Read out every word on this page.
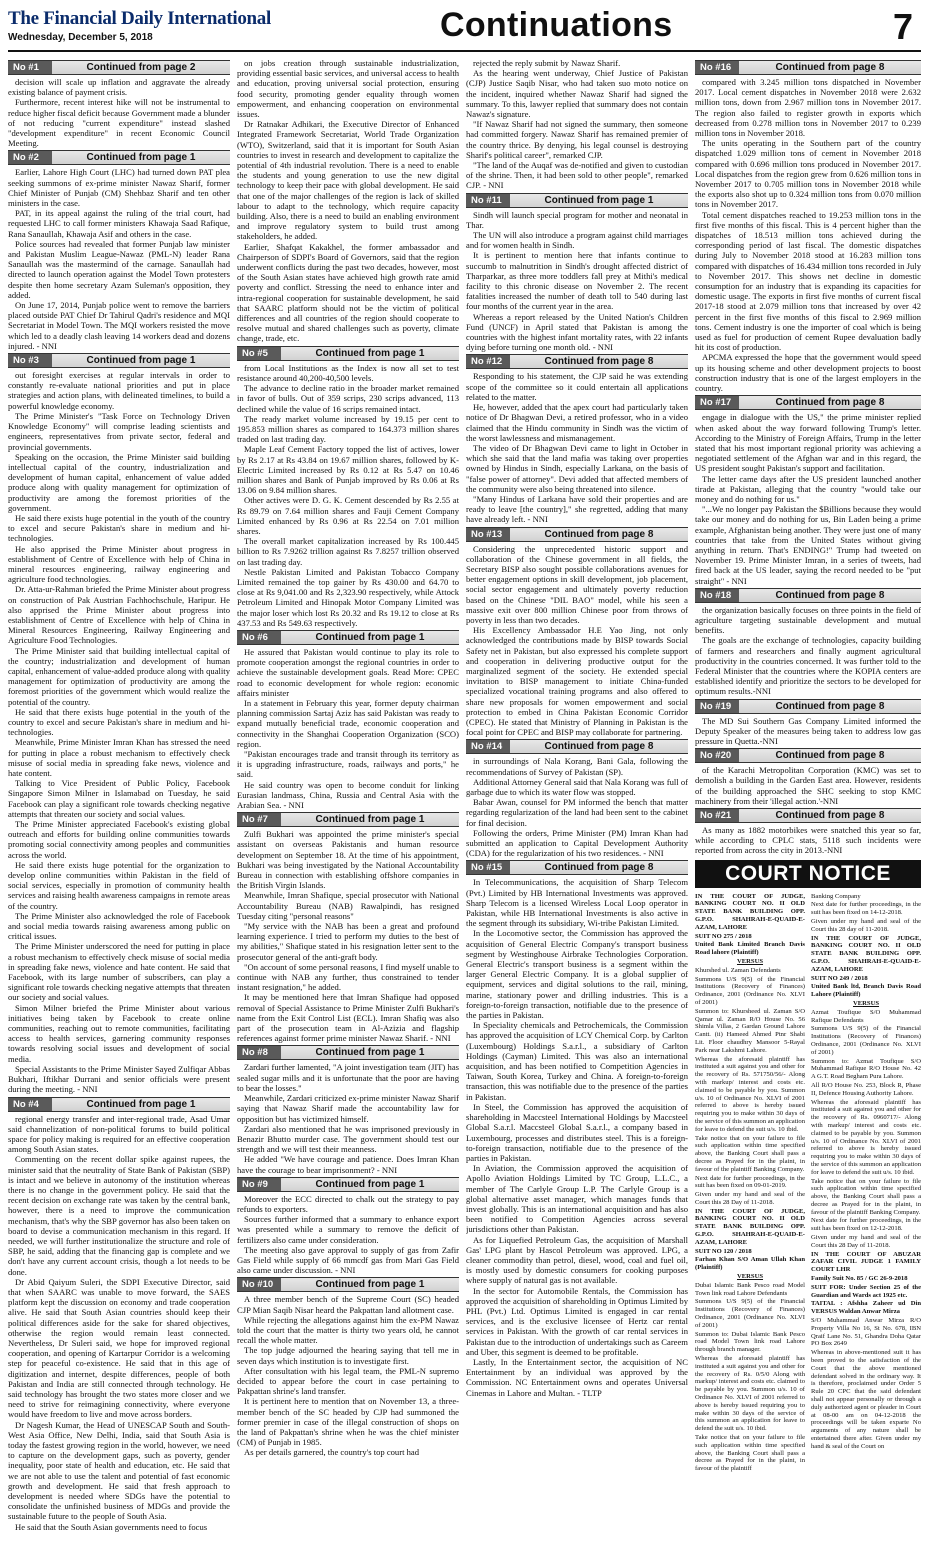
The Financial Daily International
Wednesday, December 5, 2018	Continuations	7
No #1	Continued from page 2

decision will scale up inflation and aggravate the already existing balance of payment crisis.

Furthermore, recent interest hike will not be instrumental to reduce higher fiscal deficit because Government made a blunder of not reducing "current expenditure" instead slashed "development expenditure" in recent Economic Council Meeting.

No #2	Continued from page 1

Earlier, Lahore High Court (LHC) had turned down PAT plea seeking summons of ex-prime minister Nawaz Sharif, former Chief Minister of Punjab (CM) Shehbaz Sharif and ten other ministers in the case.

PAT, in its appeal against the ruling of the trial court, had requested LHC to call former ministers Khawaja Saad Rafique, Rana Sanaullah, Khawaja Asif and others in the case.

Police sources had revealed that former Punjab law minister and Pakistan Muslim League-Nawaz (PML-N) leader Rana Sanaullah was the mastermind of the carnage. Sanaullah had directed to launch operation against the Model Town protesters despite then home secretary Azam Suleman's opposition, they added.

On June 17, 2014, Punjab police went to remove the barriers placed outside PAT Chief Dr Tahirul Qadri's residence and MQI Secretariat in Model Town. The MQI workers resisted the move which led to a deadly clash leaving 14 workers dead and dozens injured. - NNI

No #3	Continued from page 1

out foresight exercises at regular intervals in order to constantly re-evaluate national priorities and put in place strategies and action plans, with delineated timelines, to build a powerful knowledge economy.

The Prime Minister's "Task Force on Technology Driven Knowledge Economy" will comprise leading scientists and engineers, representatives from private sector, federal and provincial governments.

Speaking on the occasion, the Prime Minister said building intellectual capital of the country, industrialization and development of human capital, enhancement of value added produce along with quality management for optimization of productivity are among the foremost priorities of the government.

He said there exists huge potential in the youth of the country to excel and secure Pakistan's share in medium and hi-technologies.

He also apprised the Prime Minister about progress in establishment of Centre of Excellence with help of China in mineral resources engineering, railway engineering and agriculture food technologies.

Dr. Atta-ur-Rahman briefed the Prime Minister about progress on construction of Pak Austrian Fachhochschule, Haripur. He also apprised the Prime Minister about progress into establishment of Centre of Excellence with help of China in Mineral Resources Engineering, Railway Engineering and Agriculture Food Technologies.

The Prime Minister said that building intellectual capital of the country; industrialization and development of human capital, enhancement of value-added produce along with quality management for optimization of productivity are among the foremost priorities of the government which would realize the potential of the country.

He said that there exists huge potential in the youth of the country to excel and secure Pakistan's share in medium and hi-technologies.

Meanwhile, Prime Minister Imran Khan has stressed the need for putting in place a robust mechanism to effectively check misuse of social media in spreading fake news, violence and hate content.

Talking to Vice President of Public Policy, Facebook Singapore Simon Milner in Islamabad on Tuesday, he said Facebook can play a significant role towards checking negative attempts that threaten our society and social values.

The Prime Minister appreciated Facebook's existing global outreach and efforts for building online communities towards promoting social connectivity among peoples and communities across the world.

He said there exists huge potential for the organization to develop online communities within Pakistan in the field of social services, especially in promotion of community health services and raising health awareness campaigns in remote areas of the country.

The Prime Minister also acknowledged the role of Facebook and social media towards raising awareness among public on critical issues.

The Prime Minister underscored the need for putting in place a robust mechanism to effectively check misuse of social media in spreading fake news, violence and hate content. He said that Facebook, with its large number of subscribers, can play a significant role towards checking negative attempts that threaten our society and social values.

Simon Milner briefed the Prime Minister about various initiatives being taken by Facebook to create online communities, reaching out to remote communities, facilitating access to health services, garnering community responses towards resolving social issues and development of social media.

Special Assistants to the Prime Minister Sayed Zulfiqar Abbas Bukhari, Iftikhar Durrani and senior officials were present during the meeting. - NNI

No #4	Continued from page 1

regional energy transfer and inter-regional trade, Asad Umar said channelization of non-political forums to build political space for policy making is required for an effective cooperation among South Asian states.

Commenting on the recent dollar spike against rupees, the minister said that the neutrality of State Bank of Pakistan (SBP) is intact and we believe in autonomy of the institution whereas there is no change in the government policy. He said that the recent decision on exchange rate was taken by the central bank, however, there is a need to improve the communication mechanism, that's why the SBP governor has also been taken on board to devise a communication mechanism in this regard. If needed, we will further institutionalize the structure and role of SBP, he said, adding that the financing gap is complete and we don't have any current account crisis, though a lot needs to be done.

Dr Abid Qaiyum Suleri, the SDPI Executive Director, said that when SAARC was unable to move forward, the SAES platform kept the discussion on economy and trade cooperation alive. He said that South Asian countries should keep their political differences aside for the sake for shared objectives, otherwise the region would remain least connected. Nevertheless, Dr Suleri said, we hope for improved regional cooperation, and opening of Kartarpur Corridor is a welcoming step for peaceful co-existence. He said that in this age of digitization and internet, despite differences, people of both Pakistan and India are still connected through technology. He said technology has brought the two states more closer and we need to strive for reimagining connectivity, where everyone would have freedom to live and move across borders.

Dr Nagesh Kumar, the Head of UNESCAP South and South-West Asia Office, New Delhi, India, said that South Asia is today the fastest growing region in the world, however, we need to capture on the development gaps, such as poverty, gender inequality, poor state of health and education, etc. He said that we are not able to use the talent and potential of fast economic growth and development. He said that fresh approach to development is needed where SDGs have the potential to consolidate the unfinished business of MDGs and provide the sustainable future to the people of South Asia.

He said that the South Asian governments need to focus

on jobs creation through sustainable industrialization, providing essential basic services, and universal access to health and education, proving universal social protection, ensuring food security, promoting gender equality through women empowerment, and enhancing cooperation on environmental issues.

Dr Ratnakar Adhikari, the Executive Director of Enhanced Integrated Framework Secretariat, World Trade Organization (WTO), Switzerland, said that it is important for South Asian countries to invest in research and development to capitalize the potential of 4th industrial revolution. There is a need to enable the students and young generation to use the new digital technology to keep their pace with global development. He said that one of the major challenges of the region is lack of skilled labour to adapt to the technology, which require capacity building. Also, there is a need to build an enabling environment and improve regulatory system to build trust among stakeholders, he added.

Earlier, Shafqat Kakakhel, the former ambassador and Chairperson of SDPI's Board of Governors, said that the region underwent conflicts during the past two decades, however, most of the South Asian states have achieved high growth rate amid poverty and conflict. Stressing the need to enhance inter and intra-regional cooperation for sustainable development, he said that SAARC platform should not be the victim of political differences and all countries of the region should cooperate to resolve mutual and shared challenges such as poverty, climate change, trade, etc.

No #5	Continued from page 1

from Local Institutions as the Index is now all set to test resistance around 40,200-40,500 levels.

The advance to decline ratio in the broader market remained in favor of bulls. Out of 359 scrips, 230 scrips advanced, 113 declined while the value of 16 scrips remained intact.

The ready market volume increased by 19.15 per cent to 195.853 million shares as compared to 164.373 million shares traded on last trading day.

Maple Leaf Cement Factory topped the list of actives, lower by Rs 2.17 at Rs 43.84 on 19.67 million shares, followed by K-Electric Limited increased by Rs 0.12 at Rs 5.47 on 10.46 million shares and Bank of Punjab improved by Rs 0.06 at Rs 13.06 on 9.84 million shares.

Other actives were D. G. K. Cement descended by Rs 2.55 at Rs 89.79 on 7.64 million shares and Fauji Cement Company Limited enhanced by Rs 0.96 at Rs 22.54 on 7.01 million shares.

The overall market capitalization increased by Rs 100.445 billion to Rs 7.9262 trillion against Rs 7.8257 trillion observed on last trading day.

Nestle Pakistan Limited and Pakistan Tobacco Company Limited remained the top gainer by Rs 430.00 and 64.70 to close at Rs 9,041.00 and Rs 2,323.90 respectively, while Attock Petroleum Limited and Hinopak Motor Company Limited was the major loser which lost Rs 20.32 and Rs 19.12 to close at Rs 437.53 and Rs 549.63 respectively.

No #6	Continued from page 1

He assured that Pakistan would continue to play its role to promote cooperation amongst the regional countries in order to achieve the sustainable development goals. Read More: CPEC road to economic development for whole region: economic affairs minister

In a statement in February this year, former deputy chairman planning commission Sartaj Aziz has said Pakistan was ready to expand mutually beneficial trade, economic cooperation and connectivity in the Shanghai Cooperation Organization (SCO) region.

"Pakistan encourages trade and transit through its territory as it is upgrading infrastructure, roads, railways and ports," he said.

He said country was open to become conduit for linking Eurasian landmass, China, Russia and Central Asia with the Arabian Sea. - NNI

No #7	Continued from page 1

Zulfi Bukhari was appointed the prime minister's special assistant on overseas Pakistanis and human resource development on September 18. At the time of his appointment, Bukhari was being investigated by the National Accountability Bureau in connection with establishing offshore companies in the British Virgin Islands.

Meanwhile, Imran Shafique, special prosecutor with National Accountability Bureau (NAB) Rawalpindi, has resigned Tuesday citing "personal reasons"

"My service with the NAB has been a great and profound learning experience. I tried to perform my duties to the best of my abilities," Shafique stated in his resignation letter sent to the prosecutor general of the anti-graft body.

"On account of some personal reasons, I find myself unable to continue with NAB any further, thus constrained to tender instant resignation," he added.

It may be mentioned here that Imran Shafique had opposed removal of Special Assistance to Prime Minister Zulfi Bukhari's name from the Exit Control List (ECL). Imran Shafiq was also part of the prosecution team in Al-Azizia and flagship references against former prime minister Nawaz Sharif. - NNI

No #8	Continued from page 1

Zardari further lamented, "A joint investigation team (JIT) has sealed sugar mills and it is unfortunate that the poor are having to bear the losses."

Meanwhile, Zardari criticized ex-prime minister Nawaz Sharif saying that Nawaz Sharif made the accountability law for opposition but has victimized himself.

Zardari also mentioned that he was imprisoned previously in Benazir Bhutto murder case. The government should test our strength and we will test their meanness.

He added "We have courage and patience. Does Imran Khan have the courage to bear imprisonment? - NNI

No #9	Continued from page 1

Moreover the ECC directed to chalk out the strategy to pay refunds to exporters.

Sources further informed that a summary to enhance export was presented while a summary to remove the deficit of fertilizers also came under consideration.

The meeting also gave approval to supply of gas from Zafir Gas Field while supply of 66 mmcdf gas from Mari Gas Field also came under discussion. - NNI

No #10	Continued from page 1

A three member bench of the Supreme Court (SC) headed CJP Mian Saqib Nisar heard the Pakpattan land allotment case.

While rejecting the allegations against him the ex-PM Nawaz told the court that the matter is thirty two years old, he cannot recall the whole matter.

The top judge adjourned the hearing saying that tell me in seven days which institution is to investigate first.

After consultation with his legal team, the PML-N supremo decided to appear before the court in case pertaining to Pakpattan shrine's land transfer.

It is pertinent here to mention that on November 13, a three-member bench of the SC headed by CJP had summoned the former premier in case of the illegal construction of shops on the land of Pakpattan's shrine when he was the chief minister (CM) of Punjab in 1985.

As per details garnered, the country's top court had

rejected the reply submit by Nawaz Sharif.

As the hearing went underway, Chief Justice of Pakistan (CJP) Justice Saqib Nisar, who had taken suo moto notice on the incident, inquired whether Nawaz Sharif had signed the summary. To this, lawyer replied that summary does not contain Nawaz's signature.

"If Nawaz Sharif had not signed the summary, then someone had committed forgery. Nawaz Sharif has remained premier of the country thrice. By denying, his legal counsel is destroying Sharif's political career", remarked CJP.

"The land of the Auqaf was de-notified and given to custodian of the shrine. Then, it had been sold to other people", remarked CJP. - NNI

No #11	Continued from page 1

Sindh will launch special program for mother and neonatal in Thar.

The UN will also introduce a program against child marriages and for women health in Sindh.

It is pertinent to mention here that infants continue to succumb to malnutrition in Sindh's drought affected district of Tharparkar, as three more toddlers fall prey at Mithi's medical facility to this chronic disease on November 2. The recent fatalities increased the number of death toll to 540 during last four months of the current year in the area.

Whereas a report released by the United Nation's Children Fund (UNCF) in April stated that Pakistan is among the countries with the highest infant mortality rates, with 22 infants dying before turning one month old. - NNI

No #12	Continued from page 8

Responding to his statement, the CJP said he was extending scope of the committee so it could entertain all applications related to the matter.

He, however, added that the apex court had particularly taken notice of Dr Bhagwan Devi, a retired professor, who in a video claimed that the Hindu community in Sindh was the victim of the worst lawlessness and mismanagement.

The video of Dr Bhagwan Devi came to light in October in which she said that the land mafia was taking over properties owned by Hindus in Sindh, especially Larkana, on the basis of "false power of attorney". Devi added that affected members of the community were also being threatened into silence.

"Many Hindus of Larkana have sold their properties and are ready to leave [the country]," she regretted, adding that many have already left. - NNI

No #13	Continued from page 8

Considering the unprecedented historic support and collaboration of the Chinese government in all fields, the Secretary BISP also sought possible collaborations avenues for better engagement options in skill development, job placement, social sector engagement and ultimately poverty reduction based on the Chinese "DIL BAO" model, while his seen a massive exit over 800 million Chinese poor from throws of poverty in less than two decades.

His Excellency Ambassador H.E Yao Jing, not only acknowledged the contributions made by BISP towards Social Safety net in Pakistan, but also expressed his complete support and cooperation in delivering productive output for the marginalized segment of the society. He extended special invitation to BISP management to initiate China-funded specialized vocational training programs and also offered to share new proposals for women empowerment and social protection to embed in China Pakistan Economic Corridor (CPEC). He stated that Ministry of Planning in Pakistan is the focal point for CPEC and BISP may collaborate for partnering.

No #14	Continued from page 8

in surroundings of Nala Korang, Bani Gala, following the recommendations of Survey of Pakistan (SP).

Additional Attorney General said that Nala Korang was full of garbage due to which its water flow was stopped.

Babar Awan, counsel for PM informed the bench that matter regarding regularization of the land had been sent to the cabinet for final decision.

Following the orders, Prime Minister (PM) Imran Khan had submitted an application to Capital Development Authority (CDA) for the regularization of his two residences. - NNI

No #15	Continued from page 8

In Telecommunications, the acquisition of Sharp Telecom (Pvt.) Limited by HB International Investments was approved. Sharp Telecom is a licensed Wireless Local Loop operator in Pakistan, while HB International Investments is also active in the segment through its subsidiary, Wi-tribe Pakistan Limited.

In the Locomotive sector, the Commission has approved the acquisition of General Electric Company's transport business segment by Westinghouse Airbrake Technologies Corporation. General Electric's transport business is a segment within the larger General Electric Company. It is a global supplier of equipment, services and digital solutions to the rail, mining, marine, stationary power and drilling industries. This is a foreign-to-foreign transaction, notifiable due to the presence of the parties in Pakistan.

In Speciality chemicals and Petrochemicals, the Commission has approved the acquisition of LCY Chemical Corp. by Carlton (Luxembourg) Holdings S.a.r.l., a subsidiary of Carlton Holdings (Cayman) Limited. This was also an international acquisition, and has been notified to Competition Agencies in Taiwan, South Korea, Turkey and China. A foreign-to-foreign transaction, this was notifiable due to the presence of the parties in Pakistan.

In Steel, the Commission has approved the acquisition of shareholding in Maccsteel International Holdings by Maccsteel Global S.a.r.l. Maccsteel Global S.a.r.l., a company based in Luxembourg, processes and distributes steel. This is a foreign-to-foreign transaction, notifiable due to the presence of the parties in Pakistan.

In Aviation, the Commission approved the acquisition of Apollo Aviation Holdings Limited by TC Group, L.L.C., a member of The Carlyle Group L.P. The Carlyle Group is a global alternative asset manager, which manages funds that invest globally. This is an international acquisition and has also been notified to Competition Agencies across several jurisdictions other than Pakistan.

As for Liquefied Petroleum Gas, the acquisition of Marshall Gas' LPG plant by Hascol Petroleum was approved. LPG, a cleaner commodity than petrol, diesel, wood, coal and fuel oil, is mostly used by domestic consumers for cooking purposes where supply of natural gas is not available.

In the sector for Automobile Rentals, the Commission has approved the acquisition of shareholding in Optimus Limited by PHL (Pvt.) Ltd. Optimus Limited is engaged in car rental services, and is the exclusive licensee of Hertz car rental services in Pakistan. With the growth of car rental services in Pakistan due to the introduction of undertakings such as Careem and Uber, this segment is deemed to be profitable.

Lastly, In the Entertainment sector, the acquisition of NC Entertainment by an individual was approved by the Commission. NC Entertainment owns and operates Universal Cinemas in Lahore and Multan. - TLTP

No #16	Continued from page 8

compared with 3.245 million tons dispatched in November 2017. Local cement dispatches in November 2018 were 2.632 million tons, down from 2.967 million tons in November 2017. The region also failed to register growth in exports which decreased from 0.278 million tons in November 2017 to 0.239 million tons in November 2018.

The units operating in the Southern part of the country dispatched 1.029 million tons of cement in November 2018 compared with 0.696 million tons produced in November 2017. Local dispatches from the region grew from 0.626 million tons in November 2017 to 0.705 million tons in November 2018 while the exports also shot up to 0.324 million tons from 0.070 million tons in November 2017.

Total cement dispatches reached to 19.253 million tons in the first five months of this fiscal. This is 4 percent higher than the dispatches of 18.513 million tons achieved during the corresponding period of last fiscal. The domestic dispatches during July to November 2018 stood at 16.283 million tons compared with dispatches of 16.434 million tons recorded in July to November 2017. This shows net decline in domestic consumption for an industry that is expanding its capacities for domestic usage. The exports in first five months of current fiscal 2017-18 stood at 2.079 million tons that increased by over 42 percent in the first five months of this fiscal to 2.969 million tons. Cement industry is one the importer of coal which is being used as fuel for production of cement Rupee devaluation badly hit its cost of production.

APCMA expressed the hope that the government would speed up its housing scheme and other development projects to boost construction industry that is one of the largest employers in the country.

No #17	Continued from page 8

engage in dialogue with the US," the prime minister replied when asked about the way forward following Trump's letter. According to the Ministry of Foreign Affairs, Trump in the letter stated that his most important regional priority was achieving a negotiated settlement of the Afghan war and in this regard, the US president sought Pakistan's support and facilitation.

The letter came days after the US president launched another tirade at Pakistan, alleging that the country "would take our money and do nothing for us."

"...We no longer pay Pakistan the $Billions because they would take our money and do nothing for us, Bin Laden being a prime example, Afghanistan being another. They were just one of many countries that take from the United States without giving anything in return. That's ENDING!" Trump had tweeted on November 19. Prime Minister Imran, in a series of tweets, had fired back at the US leader, saying the record needed to be "put straight" - NNI

No #18	Continued from page 8

the organization basically focuses on three points in the field of agriculture targeting sustainable development and mutual benefits.

The goals are the exchange of technologies, capacity building of farmers and researchers and finally augment agricultural productivity in the countries concerned. It was further told to the Federal Minister that the countries where the KOPIA centers are established identify and prioritize the sectors to be developed for optimum results.-NNI

No #19	Continued from page 8

The MD Sui Southern Gas Company Limited informed the Deputy Speaker of the measures being taken to address low gas pressure in Quetta.-NNI

No #20	Continued from page 8

of the Karachi Metropolitan Corporation (KMC) was set to demolish a building in the Garden East area. However, residents of the building approached the SHC seeking to stop KMC machinery from their 'illegal action.'-NNI

No #21	Continued from page 8

As many as 1882 motorbikes were snatched this year so far, while according to CPLC stats, 5118 such incidents were reported from across the city in 2013.-NNI

COURT NOTICE

IN THE COURT OF JUDGE, BANKING COURT NO. II OLD STATE BANK BUILDING OPP. G.P.O. SHAHRAH-E-QUAID-E-AZAM, LAHORE

SUIT NO 275 / 2018

United Bank Limited Branch Davis Road lahore (Plaintiff)

VERSUS

Khurshed ul. Zaman Defendants

Summons U/S 9(5) of the Financial Institutions (Recovery of Finances) Ordinance, 2001 (Ordinance No. XLVI of 2001)

Summon to: Khursheed ul. Zaman S/O Qamar ul. Zaman R/O House No. 56 Shimla Villas, 2 Gardan Ground Lahore Cantt. (ii) Hameed Ahmed Ptnr Shabi Lit. Floor chaudhry Mansoor 5-Rayal Park near Lakshmi Lahore.

Whereas the aforesaid plaintiff has instituted a suit against you and other for the recovery of Rs. 571750/56/- Along with markup/ interest and costs etc. claimed to be payable by you. Summon u/s. 10 of Ordinance No. XLVI of 2001 referred to above is hereby issued requiring you to make within 30 days of the service of this summon an application for leave to defend the suit u/s. 10 ibid.

Take notice that on your failure to file such application within time specified above, the Banking Court shall pass a decree as Prayed for in the plaint, in favour of the plaintiff Banking Company.

Next date for further proceedings, in the suit has been fixed on 09-01-2019.

Given under my hand and seal of the Court this 28 Day of 11-2018.

IN THE COURT OF JUDGE, BANKING COURT NO. II OLD STATE BANK BUILDING OPP. G.P.O. SHAHRAH-E-QUAID-E-AZAM, LAHORE

SUIT NO 120 / 2018

Farhan Khan S/O Aman Ullah Khan (Plaintiff)

VERSUS

Dubai Islamic Bank Pesco road Model Town link road Lahore Defendants

Summons U/S 9(5) of the Financial Institutions (Recovery of Finances) Ordinance, 2001 (Ordinance No. XLVI of 2001)

Summon to: Dubai Islamic Bank Pesco road Model Town link road Lahore through branch manager.

Whereas the aforesaid plaintiff has instituted a suit against you and other for the recovery of Rs. 0/5/0 Along with markup/ interest and costs etc. claimed to be payable by you. Summon u/s. 10 of Ordinance No. XLVI of 2001 referred to above is hereby issued requiring you to make within 30 days of the service of this summon an application for leave to defend the suit u/s. 10 ibid.

Take notice that on your failure to file such application within time specified above, the Banking Court shall pass a decree as Prayed for in the plaint, in favour of the plaintiff

Banking Company

Next date for further proceedings, in the suit has been fixed on 14-12-2018.

Given under my hand and seal of the Court this 28 day of 11-2018.

IN THE COURT OF JUDGE, BANKING COURT NO. II OLD STATE BANK BUILDING OPP. G.P.O. SHAHRAH-E-QUAID-E-AZAM, LAHORE

SUIT NO 249 / 2018

United Bank ltd, Branch Davis Road Lahore (Plaintiff)

VERSUS

Azmat Toufique S/O Muhammad Rafique Defendants

Summons U/S 9(5) of the Financial Institutions (Recovery of Finances) Ordinance, 2001 (Ordinance No. XLVI of 2001)

Summon to: Azmat Toufique S/O Muhammad Rafique R/O House No. 42 A G.T. Road Begham Pura Lahore.

All R/O House No. 253, Block R, Phase II, Defence Housing Authority Lahore.

Whereas the aforesaid plaintiff has instituted a suit against you and other for the recovery of Rs. 0960717/- Along with markup/ interest and costs etc. claimed to be payable by you. Summon u/s. 10 of Ordinance No. XLVI of 2001 referred to above is hereby issued requiring you to make within 30 days of the service of this summon an application for leave to defend the suit u/s. 10 ibid.

Take notice that on your failure to file such application within time specified above, the Banking Court shall pass a decree as Prayed for in the plaint, in favour of the plaintiff Banking Company.

Next date for further proceedings, in the suit has been fixed on 12-12-2018.

Given under my hand and seal of the Court this 28 Day of 11-2018.

IN THE COURT OF ABUZAR ZAFAR CIVIL JUDGE 1 FAMILY COURT LHR

Family Suit No. 85 / GC 26-9-2018

SUIT FOR: Under Section 25 of the Guardian and Wards act 1925 etc.

TAITAL : Afshha Zaheer ud Din VERSUS Waldan Anwar Mirza

S/O Muhammad Anwar Mirza R/O Property Villa No 16, St No. 678, IBN Qraif Lane No. 51, Ghandra Doha Qatar PO Box 2649

Whereas in above-mentioned suit it has been proved to the satisfaction of the Court that the above mentioned defendant solved in the ordinary way. It is therefore, proclaimed under Order 5 Rule 20 CPC that the said defendant shall not appear personally or through a duly authorized agent or pleader in Court at 08-00 am on 04-12-2018 the proceedings will be taken exparte No arguments of any nature shall be entertained there after. Given under my hand & seal of the Court on
